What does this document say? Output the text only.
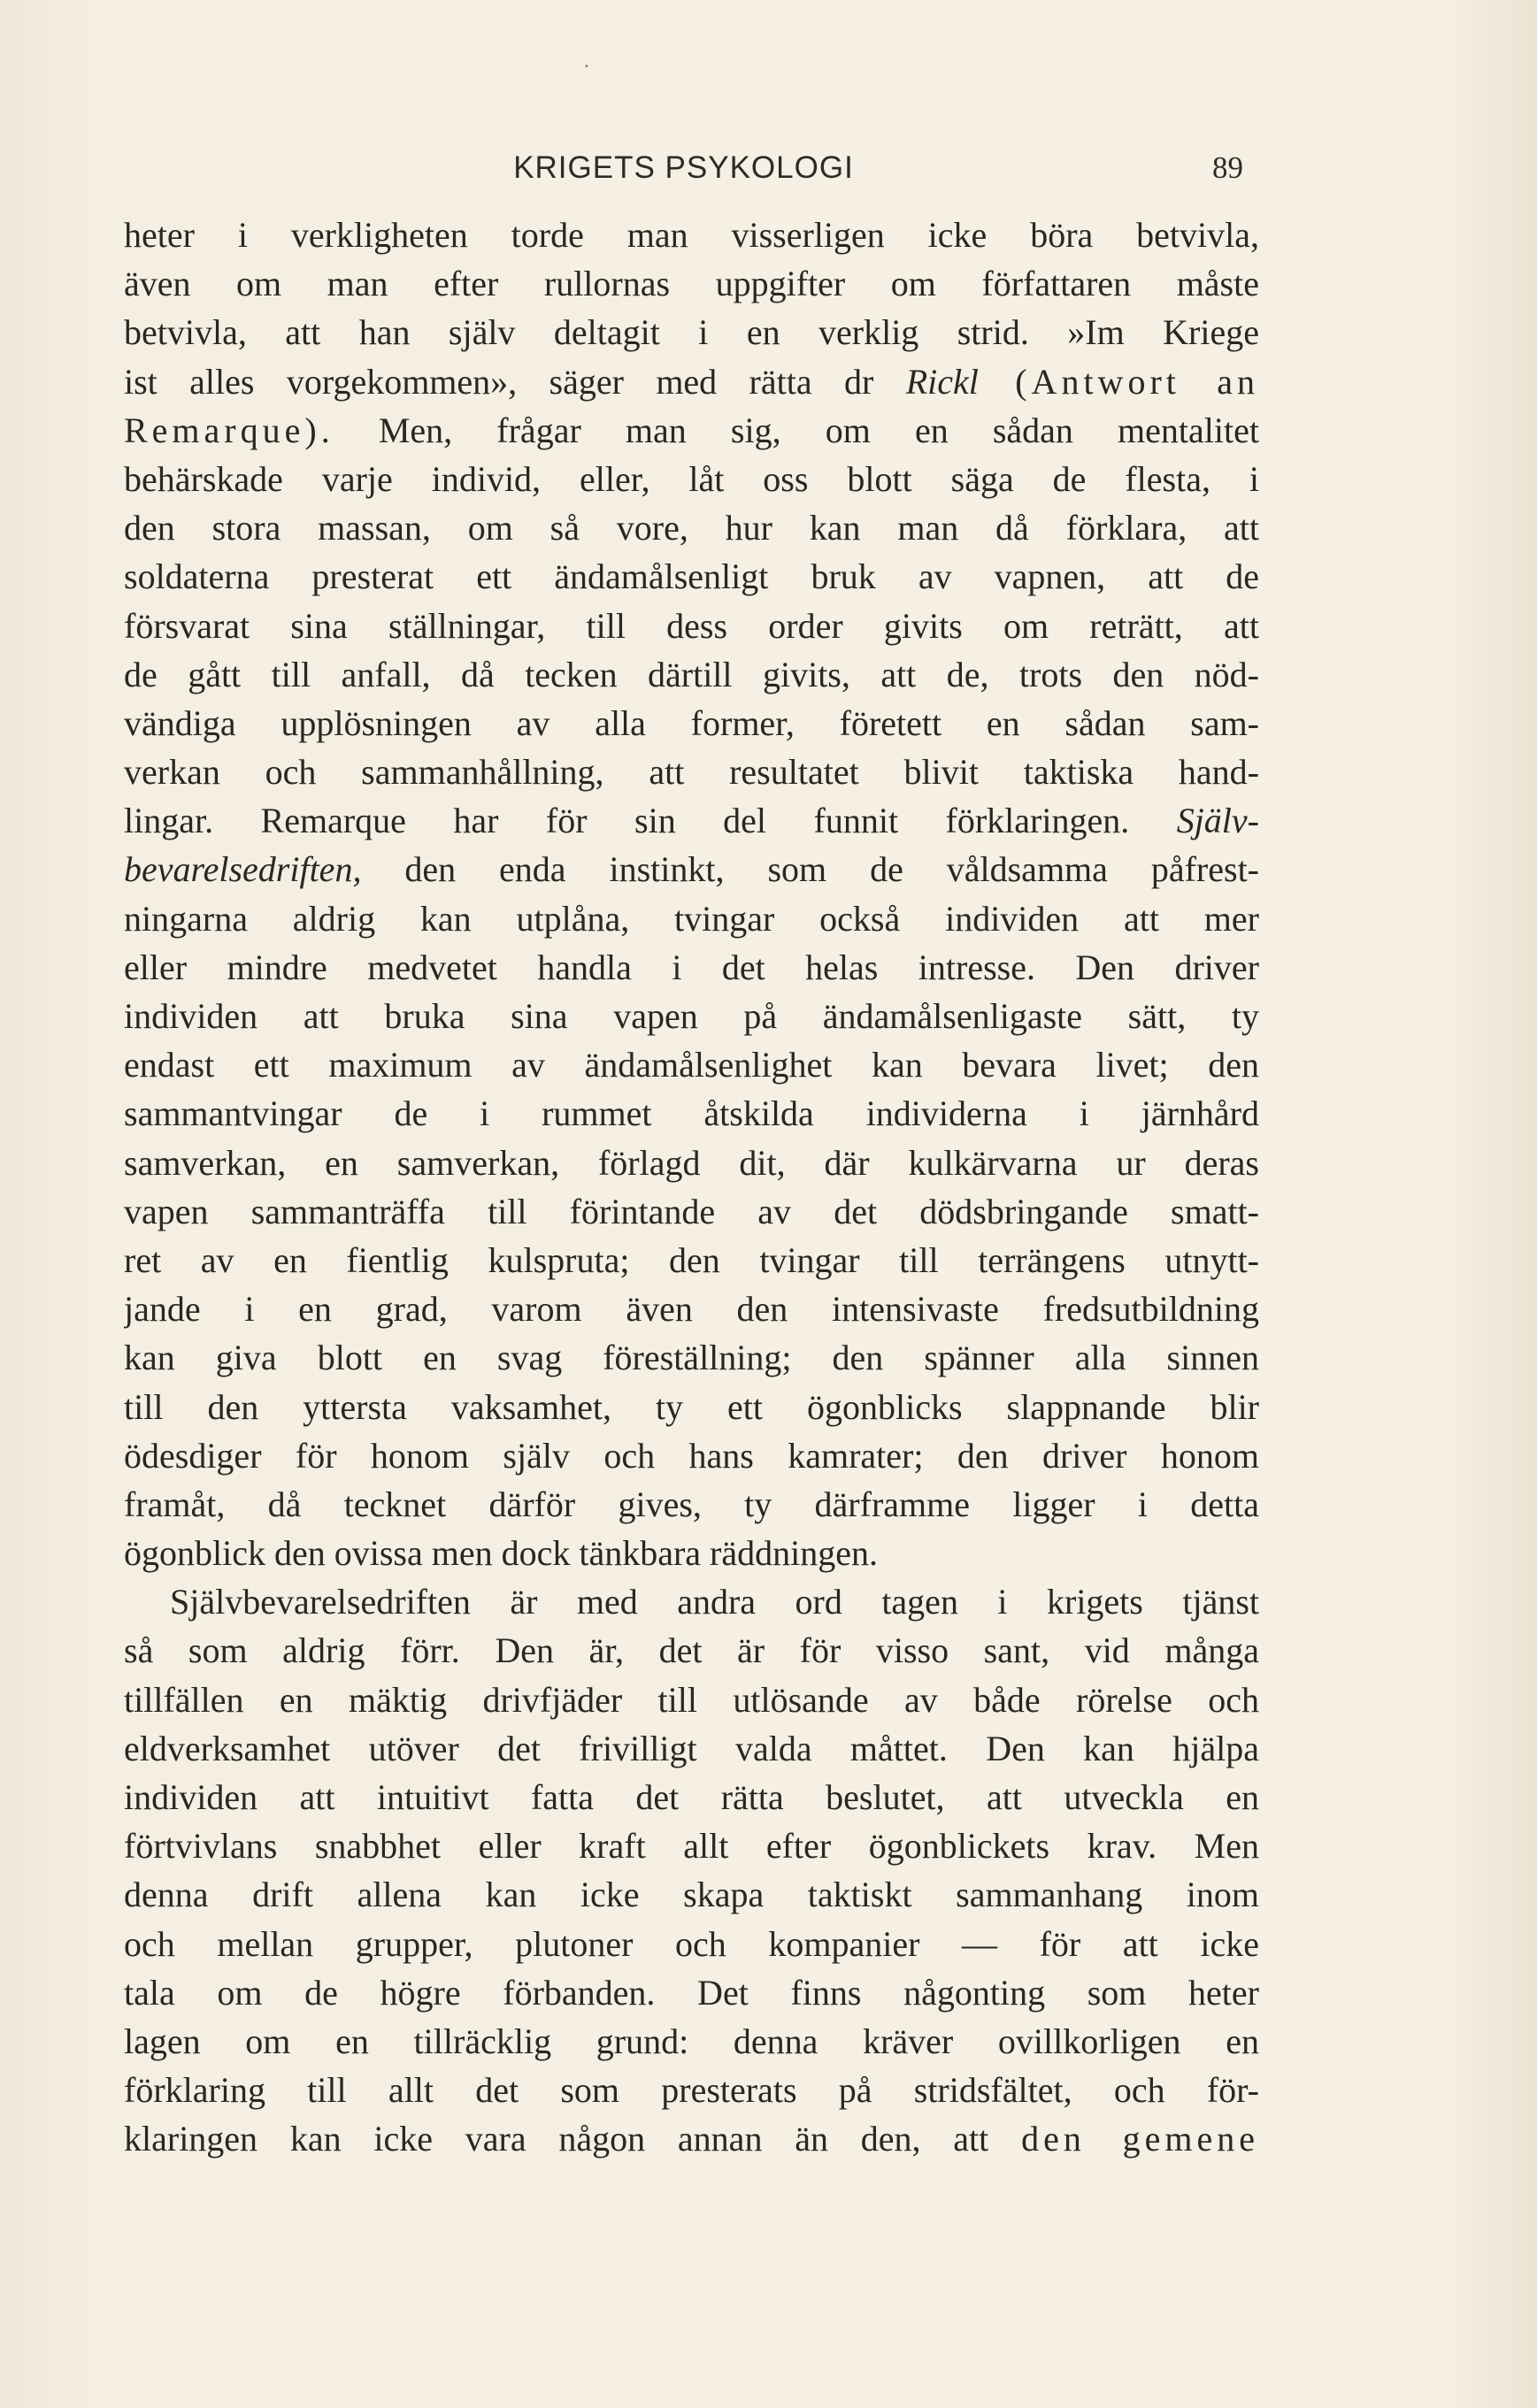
KRIGETS PSYKOLOGI	89
heter i verkligheten torde man visserligen icke böra betvivla,
även om man efter rullornas uppgifter om författaren måste
betvivla, att han själv deltagit i en verklig strid. »Im Kriege
ist alles vorgekommen», säger med rätta dr Rickl (Antwort an
Remarque). Men, frågar man sig, om en sådan mentalitet
behärskade varje individ, eller, låt oss blott säga de flesta, i
den stora massan, om så vore, hur kan man då förklara, att
soldaterna presterat ett ändamålsenligt bruk av vapnen, att de
försvarat sina ställningar, till dess order givits om reträtt, att
de gått till anfall, då tecken därtill givits, att de, trots den nöd-
vändiga upplösningen av alla former, företett en sådan sam-
verkan och sammanhållning, att resultatet blivit taktiska hand-
lingar. Remarque har för sin del funnit förklaringen. Själv-
bevarelsedriften, den enda instinkt, som de våldsamma påfrest-
ningarna aldrig kan utplåna, tvingar också individen att mer
eller mindre medvetet handla i det helas intresse. Den driver
individen att bruka sina vapen på ändamålsenligaste sätt, ty
endast ett maximum av ändamålsenlighet kan bevara livet; den
sammantvingar de i rummet åtskilda individerna i järnhård
samverkan, en samverkan, förlagd dit, där kulkärvarna ur deras
vapen sammanträffa till förintande av det dödsbringande smatt-
ret av en fientlig kulspruta; den tvingar till terrängens utnytt-
jande i en grad, varom även den intensivaste fredsutbildning
kan giva blott en svag föreställning; den spänner alla sinnen
till den yttersta vaksamhet, ty ett ögonblicks slappnande blir
ödesdiger för honom själv och hans kamrater; den driver honom
framåt, då tecknet därför gives, ty därframme ligger i detta
ögonblick den ovissa men dock tänkbara räddningen.
Självbevarelsedriften är med andra ord tagen i krigets tjänst
så som aldrig förr. Den är, det är för visso sant, vid många
tillfällen en mäktig drivfjäder till utlösande av både rörelse och
eldverksamhet utöver det frivilligt valda måttet. Den kan hjälpa
individen att intuitivt fatta det rätta beslutet, att utveckla en
förtvivlans snabbhet eller kraft allt efter ögonblickets krav. Men
denna drift allena kan icke skapa taktiskt sammanhang inom
och mellan grupper, plutoner och kompanier — för att icke
tala om de högre förbanden. Det finns någonting som heter
lagen om en tillräcklig grund: denna kräver ovillkorligen en
förklaring till allt det som presterats på stridsfältet, och för-
klaringen kan icke vara någon annan än den, att den gemene
•
